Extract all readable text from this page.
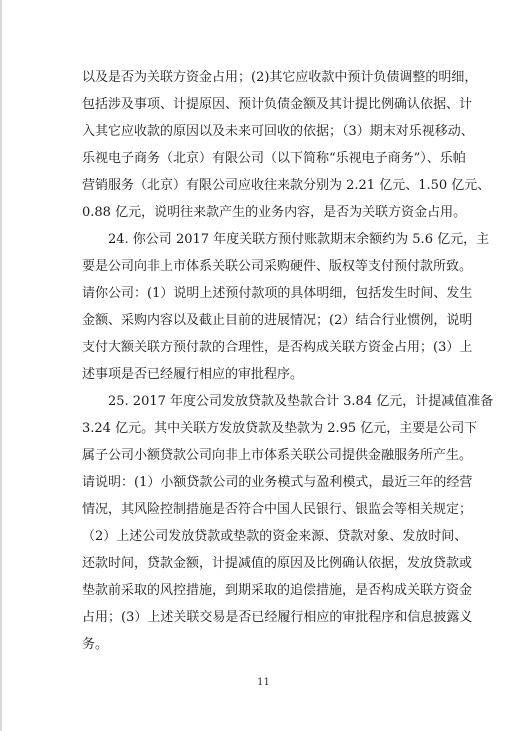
以及是否为关联方资金占用；(2)其它应收款中预计负债调整的明细，
包括涉及事项、计提原因、预计负债金额及其计提比例确认依据、计
入其它应收款的原因以及未来可回收的依据；（3）期末对乐视移动、
乐视电子商务（北京）有限公司（以下简称“乐视电子商务”）、乐帕
营销服务（北京）有限公司应收往来款分别为 2.21 亿元、1.50 亿元、
0.88 亿元，说明往来款产生的业务内容，是否为关联方资金占用。
24. 你公司 2017 年度关联方预付账款期末余额约为 5.6 亿元，主
要是公司向非上市体系关联公司采购硬件、版权等支付预付款所致。
请你公司：(1）说明上述预付款项的具体明细，包括发生时间、发生
金额、采购内容以及截止目前的进展情况；(2）结合行业惯例，说明
支付大额关联方预付款的合理性，是否构成关联方资金占用；(3）上
述事项是否已经履行相应的审批程序。
25. 2017 年度公司发放贷款及垫款合计 3.84 亿元，计提减值准备
3.24 亿元。其中关联方发放贷款及垫款为 2.95 亿元，主要是公司下
属子公司小额贷款公司向非上市体系关联公司提供金融服务所产生。
请说明：(1）小额贷款公司的业务模式与盈利模式，最近三年的经营
情况，其风险控制措施是否符合中国人民银行、银监会等相关规定；
（2）上述公司发放贷款或垫款的资金来源、贷款对象、发放时间、
还款时间，贷款金额，计提减值的原因及比例确认依据，发放贷款或
垫款前采取的风控措施，到期采取的追偿措施，是否构成关联方资金
占用；(3）上述关联交易是否已经履行相应的审批程序和信息披露义
务。
11
